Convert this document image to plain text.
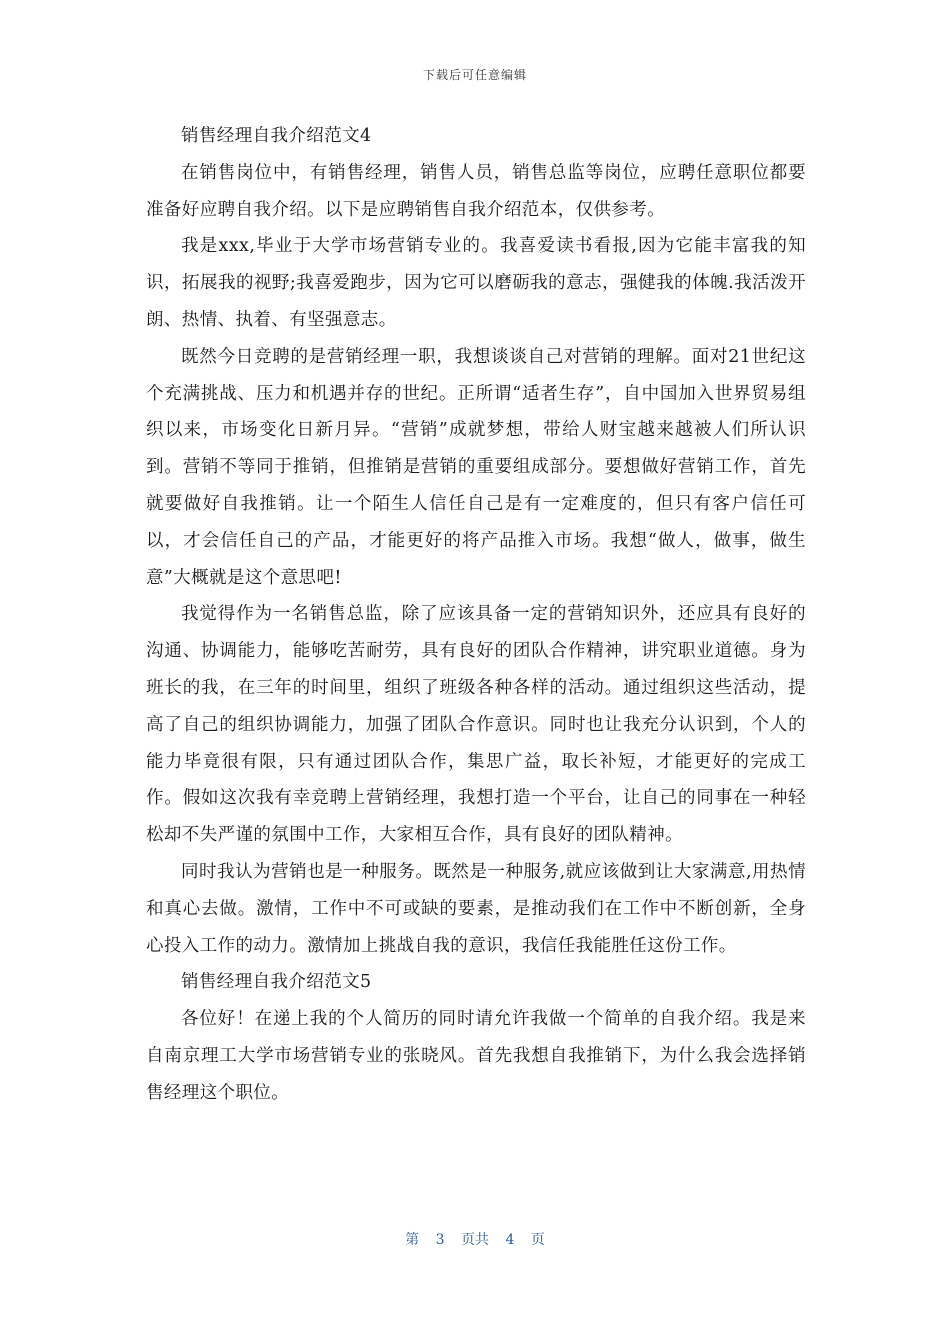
下载后可任意编辑

销售经理自我介绍范文4

在销售岗位中，有销售经理，销售人员，销售总监等岗位，应聘任意职位都要准备好应聘自我介绍。以下是应聘销售自我介绍范本，仅供参考。

我是xxx,毕业于大学市场营销专业的。我喜爱读书看报,因为它能丰富我的知识，拓展我的视野;我喜爱跑步，因为它可以磨砺我的意志，强健我的体魄.我活泼开朗、热情、执着、有坚强意志。

既然今日竞聘的是营销经理一职，我想谈谈自己对营销的理解。面对21世纪这个充满挑战、压力和机遇并存的世纪。正所谓“适者生存”，自中国加入世界贸易组织以来，市场变化日新月异。“营销”成就梦想，带给人财宝越来越被人们所认识到。营销不等同于推销，但推销是营销的重要组成部分。要想做好营销工作，首先就要做好自我推销。让一个陌生人信任自己是有一定难度的，但只有客户信任可以，才会信任自己的产品，才能更好的将产品推入市场。我想“做人，做事，做生意”大概就是这个意思吧!

我觉得作为一名销售总监，除了应该具备一定的营销知识外，还应具有良好的沟通、协调能力，能够吃苦耐劳，具有良好的团队合作精神，讲究职业道德。身为班长的我，在三年的时间里，组织了班级各种各样的活动。通过组织这些活动，提高了自己的组织协调能力，加强了团队合作意识。同时也让我充分认识到，个人的能力毕竟很有限，只有通过团队合作，集思广益，取长补短，才能更好的完成工作。假如这次我有幸竞聘上营销经理，我想打造一个平台，让自己的同事在一种轻松却不失严谨的氛围中工作，大家相互合作，具有良好的团队精神。

同时我认为营销也是一种服务。既然是一种服务,就应该做到让大家满意,用热情和真心去做。激情，工作中不可或缺的要素，是推动我们在工作中不断创新，全身心投入工作的动力。激情加上挑战自我的意识，我信任我能胜任这份工作。

销售经理自我介绍范文5

各位好！在递上我的个人简历的同时请允许我做一个简单的自我介绍。我是来自南京理工大学市场营销专业的张晓风。首先我想自我推销下，为什么我会选择销售经理这个职位。

第 3 页共 4 页
